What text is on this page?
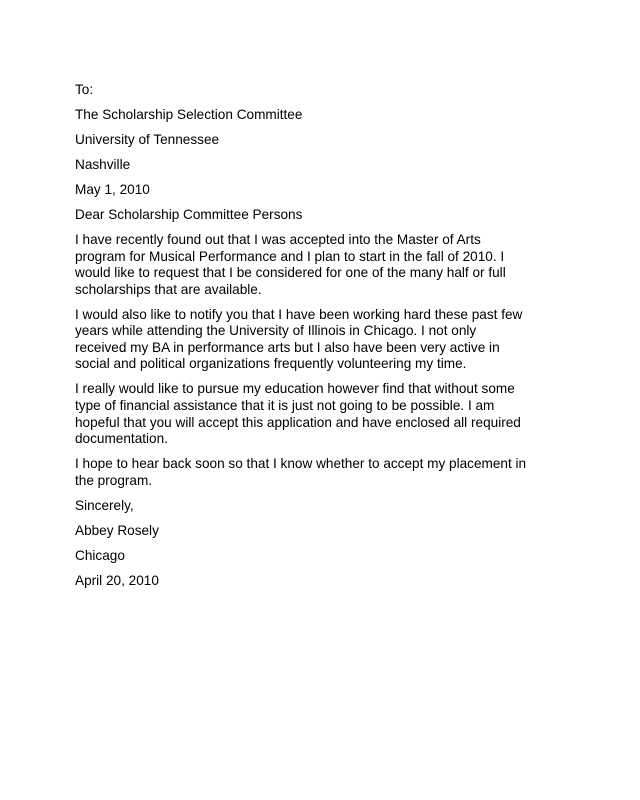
To:
The Scholarship Selection Committee
University of Tennessee
Nashville
May 1, 2010
Dear Scholarship Committee Persons
I have recently found out that I was accepted into the Master of Arts
program for Musical Performance and I plan to start in the fall of 2010. I
would like to request that I be considered for one of the many half or full
scholarships that are available.
I would also like to notify you that I have been working hard these past few
years while attending the University of Illinois in Chicago. I not only
received my BA in performance arts but I also have been very active in
social and political organizations frequently volunteering my time.
I really would like to pursue my education however find that without some
type of financial assistance that it is just not going to be possible. I am
hopeful that you will accept this application and have enclosed all required
documentation.
I hope to hear back soon so that I know whether to accept my placement in
the program.
Sincerely,
Abbey Rosely
Chicago
April 20, 2010
